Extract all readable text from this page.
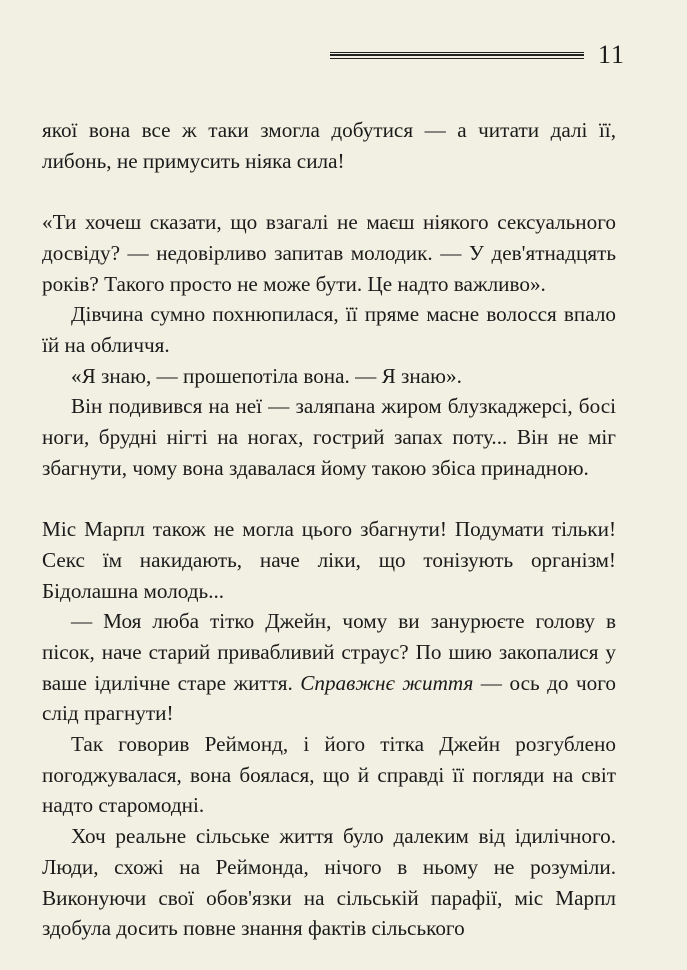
11

якої вона все ж таки змогла добутися — а читати далі її, либонь, не примусить ніяка сила!

«Ти хочеш сказати, що взагалі не маєш ніякого сексуального досвіду? — недовірливо запитав молодик. — У дев'ятнадцять років? Такого просто не може бути. Це надто важливо».

Дівчина сумно похнюпилася, її пряме масне волосся впало їй на обличчя.

«Я знаю, — прошепотіла вона. — Я знаю».

Він подивився на неї — заляпана жиром блузкаджерсі, босі ноги, брудні нігті на ногах, гострий запах поту... Він не міг збагнути, чому вона здавалася йому такою збіса принадною.

Міс Марпл також не могла цього збагнути! Подумати тільки! Секс їм накидають, наче ліки, що тонізують організм! Бідолашна молодь...

— Моя люба тітко Джейн, чому ви занурюєте голову в пісок, наче старий привабливий страус? По шию закопалися у ваше ідилічне старе життя. Справжнє життя — ось до чого слід прагнути!

Так говорив Реймонд, і його тітка Джейн розгублено погоджувалася, вона боялася, що й справді її погляди на світ надто старомодні.

Хоч реальне сільське життя було далеким від ідилічного. Люди, схожі на Реймонда, нічого в ньому не розуміли. Виконуючи свої обов'язки на сільській парафії, міс Марпл здобула досить повне знання фактів сільського
